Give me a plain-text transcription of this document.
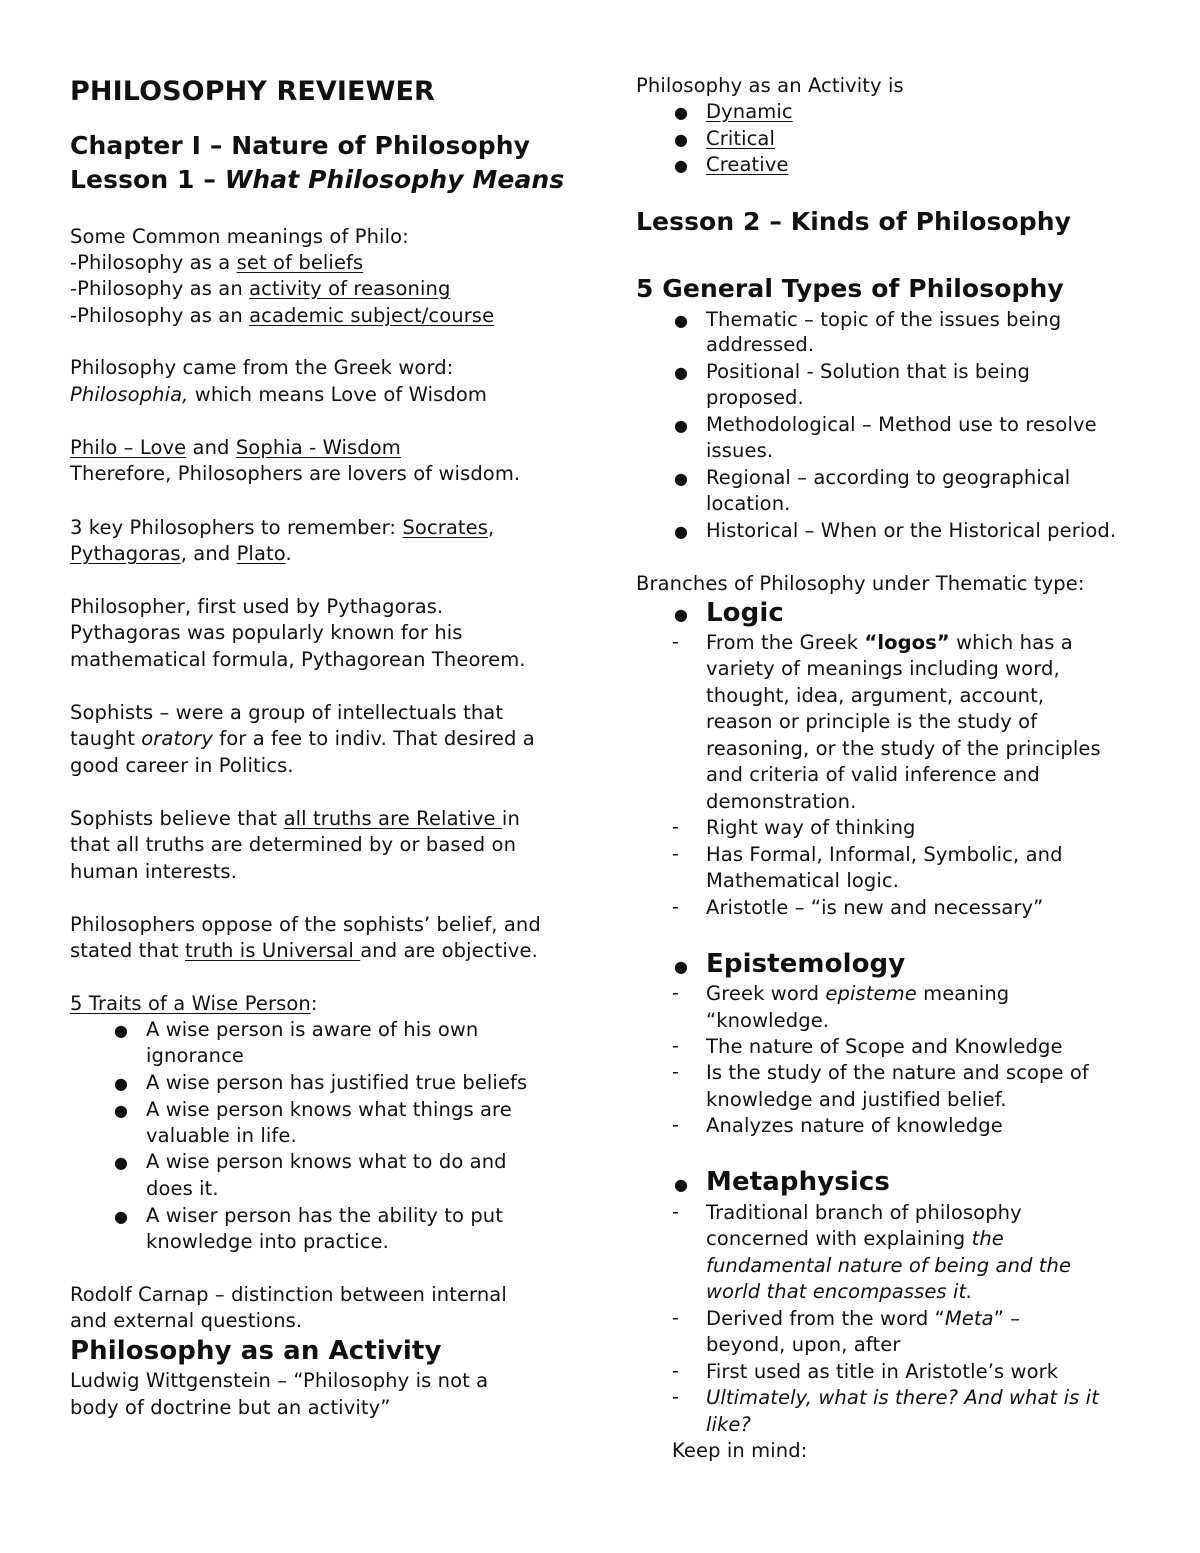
PHILOSOPHY REVIEWER
Chapter I – Nature of Philosophy
Lesson 1 – What Philosophy Means
Some Common meanings of Philo:
-Philosophy as a set of beliefs
-Philosophy as an activity of reasoning
-Philosophy as an academic subject/course
Philosophy came from the Greek word:
Philosophia, which means Love of Wisdom
Philo – Love and Sophia - Wisdom
Therefore, Philosophers are lovers of wisdom.
3 key Philosophers to remember: Socrates,
Pythagoras, and Plato.
Philosopher, first used by Pythagoras.
Pythagoras was popularly known for his
mathematical formula, Pythagorean Theorem.
Sophists – were a group of intellectuals that
taught oratory for a fee to indiv. That desired a
good career in Politics.
Sophists believe that all truths are Relative in
that all truths are determined by or based on
human interests.
Philosophers oppose of the sophists’ belief, and
stated that truth is Universal and are objective.
5 Traits of a Wise Person:
● A wise person is aware of his own
ignorance
● A wise person has justified true beliefs
● A wise person knows what things are
valuable in life.
● A wise person knows what to do and
does it.
● A wiser person has the ability to put
knowledge into practice.
Rodolf Carnap – distinction between internal
and external questions.
Philosophy as an Activity
Ludwig Wittgenstein – “Philosophy is not a
body of doctrine but an activity”
Philosophy as an Activity is
● Dynamic
● Critical
● Creative
Lesson 2 – Kinds of Philosophy
5 General Types of Philosophy
● Thematic – topic of the issues being
addressed.
● Positional - Solution that is being
proposed.
● Methodological – Method use to resolve
issues.
● Regional – according to geographical
location.
● Historical – When or the Historical period.
Branches of Philosophy under Thematic type:
● Logic
- From the Greek “logos” which has a
variety of meanings including word,
thought, idea, argument, account,
reason or principle is the study of
reasoning, or the study of the principles
and criteria of valid inference and
demonstration.
- Right way of thinking
- Has Formal, Informal, Symbolic, and
Mathematical logic.
- Aristotle – “is new and necessary”
● Epistemology
- Greek word episteme meaning
“knowledge.
- The nature of Scope and Knowledge
- Is the study of the nature and scope of
knowledge and justified belief.
- Analyzes nature of knowledge
● Metaphysics
- Traditional branch of philosophy
concerned with explaining the
fundamental nature of being and the
world that encompasses it.
- Derived from the word “Meta” –
beyond, upon, after
- First used as title in Aristotle’s work
- Ultimately, what is there? And what is it
like?
Keep in mind:
